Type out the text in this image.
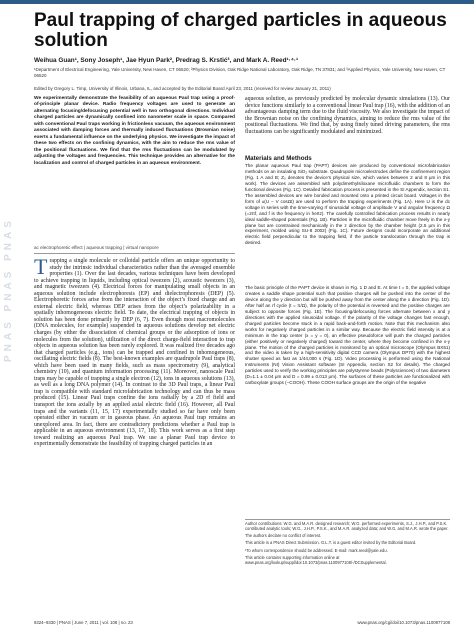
PNAS PNAS PNAS
Paul trapping of charged particles in aqueous solution
Weihua Guan¹, Sony Joseph¹, Jae Hyun Park², Predrag S. Krstić³, and Mark A. Reed¹·⁴·¹
¹Department of Electrical Engineering, Yale University, New Haven, CT 06520; ²Physics Division, Oak Ridge National Laboratory, Oak Ridge, TN 37831; and ³Applied Physics, Yale University, New Haven, CT 06520
Edited by Gregory L. Timp, University of Illinois, Urbana, IL, and accepted by the Editorial Board April 23, 2011 (received for review January 21, 2011)

We experimentally demonstrate the feasibility of an aqueous Paul trap using a proof-of-principle planar device. Radio frequency voltages are used to generate an alternating focusing/defocusing potential well in two orthogonal directions. Individual charged particles are dynamically confined into nanometer scale in space. Compared with conventional Paul traps working in frictionless vacuum, the aqueous environment associated with damping forces and thermally induced fluctuations (Brownian noise) exerts a fundamental influence on the underlying physics. We investigate the impact of these two effects on the confining dynamics, with the aim to reduce the rms value of the positional fluctuations. We find that the rms fluctuations can be modulated by adjusting the voltages and frequencies. This technique provides an alternative for the localization and control of charged particles in an aqueous environment.

ac electrophoretic effect | aqueous trapping | virtual nanopore

Trapping a single molecule or colloidal particle offers an unique opportunity to study the intrinsic individual characteristics rather than the averaged ensemble properties (1). Over the last decades, various techniques have been developed to achieve trapping in liquids, including optical tweezers (2), acoustic tweezers (3), and magnetic tweezers (4). Electrical forces for manipulating small objects in an aqueous solution include electrophoresis (EP) and dielectrophoresis (DEP) (5). Electrophoretic forces arise from the interaction of the object’s fixed charge and an external electric field, whereas DEP arises from the object’s polarizability in a spatially inhomogeneous electric field. To date, the electrical trapping of objects in solution has been done primarily by DEP (6, 7). Even though most macromolecules (DNA molecules, for example) suspended in aqueous solutions develop net electric charges (by either the dissociation of chemical groups or the adsorption of ions or molecules from the solution), utilization of the direct charge-field interaction to trap objects in aqueous solution has been rarely explored. It was realized five decades ago that charged particles (e.g., ions) can be trapped and confined in inhomogeneous, oscillating electric fields (8). The best-known examples are quadrupole Paul traps (8), which have been used in many fields, such as mass spectrometry (9), analytical chemistry (10), and quantum information processing (11). Moreover, nanoscale Paul traps may be capable of trapping a single electron (12), ions in aqueous solutions (13), as well as a long DNA polymer (14). In contrast to the 3D Paul traps, a linear Paul trap is compatible with standard microfabrication technology and can thus be mass produced (15). Linear Paul traps confine the ions radially by a 2D rf field and transport the ions axially by an applied axial electric field (16). However, all Paul traps and the variants (11, 15, 17) experimentally studied so far have only been operated either in vacuum or in gaseous phase. An aqueous Paul trap remains an unexplored area. In fact, there are contradictory predictions whether a Paul trap is applicable in an aqueous environment (13, 17, 18). This work serves as a first step toward realizing an aqueous Paul trap. We use a planar Paul trap device to experimentally demonstrate the feasibility of trapping charged particles in an

aqueous solution, as previously predicted by molecular dynamic simulations (13). Our device functions similarly to a conventional linear Paul trap (16), with the addition of an advantageous damping term due to the fluid viscosity. We also investigate the impact of the Brownian noise on the confining dynamics, aiming to reduce the rms value of the positional fluctuations. We find that, by using finely tuned driving parameters, the rms fluctuations can be significantly modulated and minimized.

Materials and Methods

The planar aqueous Paul trap (PAPT) devices are produced by conventional microfabrication methods on an insulating SiO₂ substrate. Quadrupole microelectrodes define the confinement region (Fig. 1 A and B; Z₀ denotes the device’s physical size, which varies between 2 and 8 μm in this work). The devices are assembled with polydimethylsiloxane microfluidic chambers to form the functional devices (Fig. 1C). Detailed fabrication process is presented in the SI Appendix, section S1. The assembled devices are wire bonded and mounted onto a printed circuit board. Voltages in the form of ±(U − V cosΩt) are used to perform the trapping experiments (Fig. 1A). Here U is the dc voltage in series with the time-varying rf sinusoidal voltage of amplitude V and angular frequency Ω (=2πf, and f is the frequency in hertz). The carefully controlled fabrication process results in nearly ideal saddle-shaped potentials (Fig. 1B). Particles in the microfluidic chamber move freely in the x-y plane but are constrained mechanically in the z direction by the chamber height (2.5 μm in this experiment, molded using SU-8 2002) (Fig. 1C). Future designs could incorporate an additional electric field perpendicular to the trapping field, if the particle translocation through the trap is desired.

The basic principle of the PAPT device is shown in Fig. 1 D and E. At time t = 0, the applied voltage creates a saddle shape potential such that positive charges will be pushed into the center of the device along the y direction but will be pushed away from the center along the x direction (Fig. 1D). After half an rf cycle (t = π/Ω), the polarity of the potential is reversed and the positive charges are subject to opposite forces (Fig. 1E). The focusing/defocusing forces alternate between x and y directions with the applied sinusoidal voltage. If the polarity of the voltage changes fast enough, charged particles become stuck in a rapid back-and-forth motion. Note that this mechanism also works for negatively charged particles in a similar way. Because the electric field intensity is at a minimum in the trap center (x = y = 0), an effective pseudoforce will push the charged particles (either positively or negatively charged) toward the center, where they become confined in the x-y plane. The motion of the charged particles is monitored by an optical microscope (Olympus BX51) and the video is taken by a high-sensitivity digital CCD camera (Olympus DP70) with the highest shutter speed as fast as 1/44,000 s (Fig. 1D). Video processing is performed using the National Instruments (NI) Vision Assistant software (SI Appendix, section S2 for details). The charged particles used to verify the working principles are polystyrene beads (Polysciences) of two diameters (D=1.1 ± 0.04 μm and D = 0.99 ± 0.013 μm). The surfaces of these particles are functionalized with carboxylate groups (−COOH). These COOH surface groups are the origin of the negative

Author contributions: W.G. and M.A.R. designed research; W.G. performed experiments, S.J., J.H.P., and P.S.K. contributed analytic tools; W.G., J.H.P., P.S.K., and M.A.R. analyzed data; and W.G. and M.A.R. wrote the paper.

The authors declare no conflict of interest.

This article is a PNAS Direct Submission. G.L.T. is a guest editor invited by the Editorial Board.

¹To whom correspondence should be addressed. E-mail: mark.reed@yale.edu.

This article contains supporting information online at www.pnas.org/lookup/suppl/doi:10.1073/pnas.1100977108/-/DCSupplemental.

9324–9330 | PNAS | June 7, 2011 | vol. 108 | no. 23	www.pnas.org/cgi/doi/10.1073/pnas.1100977108
